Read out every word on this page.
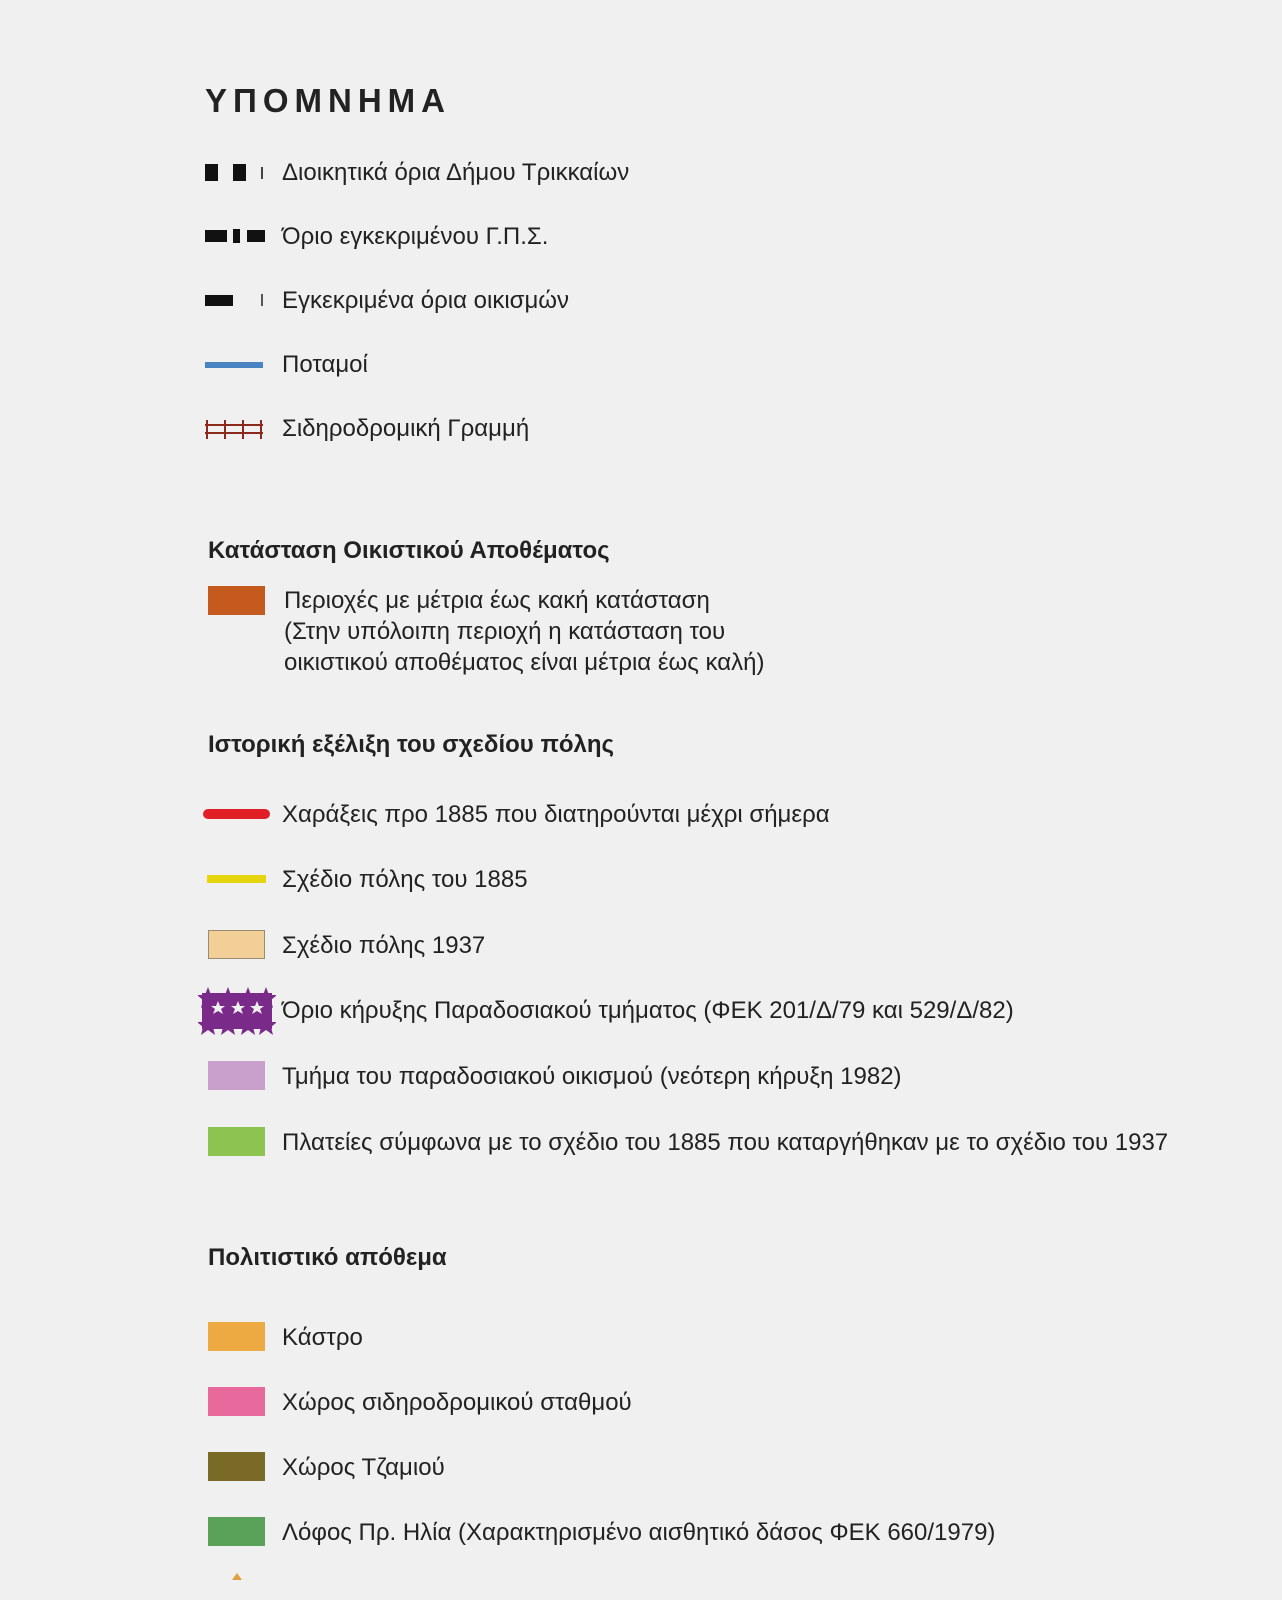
ΥΠΟΜΝΗΜΑ
Διοικητικά όρια Δήμου Τρικκαίων
Όριο εγκεκριμένου Γ.Π.Σ.
Εγκεκριμένα όρια οικισμών
Ποταμοί
Σιδηροδρομική Γραμμή
Κατάσταση Οικιστικού Αποθέματος
Περιοχές με μέτρια έως κακή κατάσταση
(Στην υπόλοιπη περιοχή η κατάσταση του
οικιστικού αποθέματος είναι μέτρια έως καλή)
Ιστορική εξέλιξη του σχεδίου πόλης
Χαράξεις προ 1885 που διατηρούνται μέχρι σήμερα
Σχέδιο πόλης του 1885
Σχέδιο πόλης 1937
Όριο κήρυξης Παραδοσιακού τμήματος (ΦΕΚ 201/Δ/79 και 529/Δ/82)
Τμήμα του παραδοσιακού οικισμού (νεότερη κήρυξη 1982)
Πλατείες σύμφωνα με το σχέδιο του 1885 που καταργήθηκαν με το σχέδιο του 1937
Πολιτιστικό απόθεμα
Κάστρο
Χώρος σιδηροδρομικού σταθμού
Χώρος Τζαμιού
Λόφος Πρ. Ηλία (Χαρακτηρισμένο αισθητικό δάσος ΦΕΚ 660/1979)
